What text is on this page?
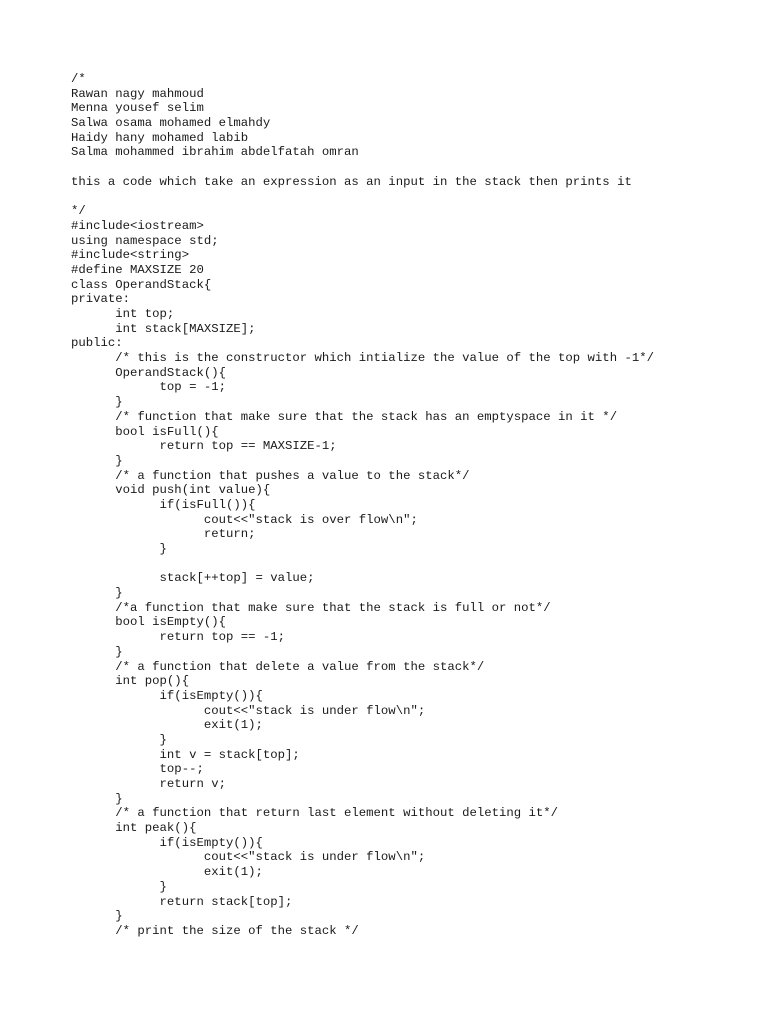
/*
Rawan nagy mahmoud
Menna yousef selim
Salwa osama mohamed elmahdy
Haidy hany mohamed labib
Salma mohammed ibrahim abdelfatah omran
this a code which take an expression as an input in the stack then prints it
*/
#include<iostream>
using namespace std;
#include<string>
#define MAXSIZE 20
class OperandStack{
private:
int top;
int stack[MAXSIZE];
public:
/* this is the constructor which intialize the value of the top with -1*/
OperandStack(){
top = -1;
}
/* function that make sure that the stack has an emptyspace in it */
bool isFull(){
return top == MAXSIZE-1;
}
/* a function that pushes a value to the stack*/
void push(int value){
if(isFull()){
cout<<"stack is over flow\n";
return;
}
stack[++top] = value;
}
/*a function that make sure that the stack is full or not*/
bool isEmpty(){
return top == -1;
}
/* a function that delete a value from the stack*/
int pop(){
if(isEmpty()){
cout<<"stack is under flow\n";
exit(1);
}
int v = stack[top];
top--;
return v;
}
/* a function that return last element without deleting it*/
int peak(){
if(isEmpty()){
cout<<"stack is under flow\n";
exit(1);
}
return stack[top];
}
/* print the size of the stack */
